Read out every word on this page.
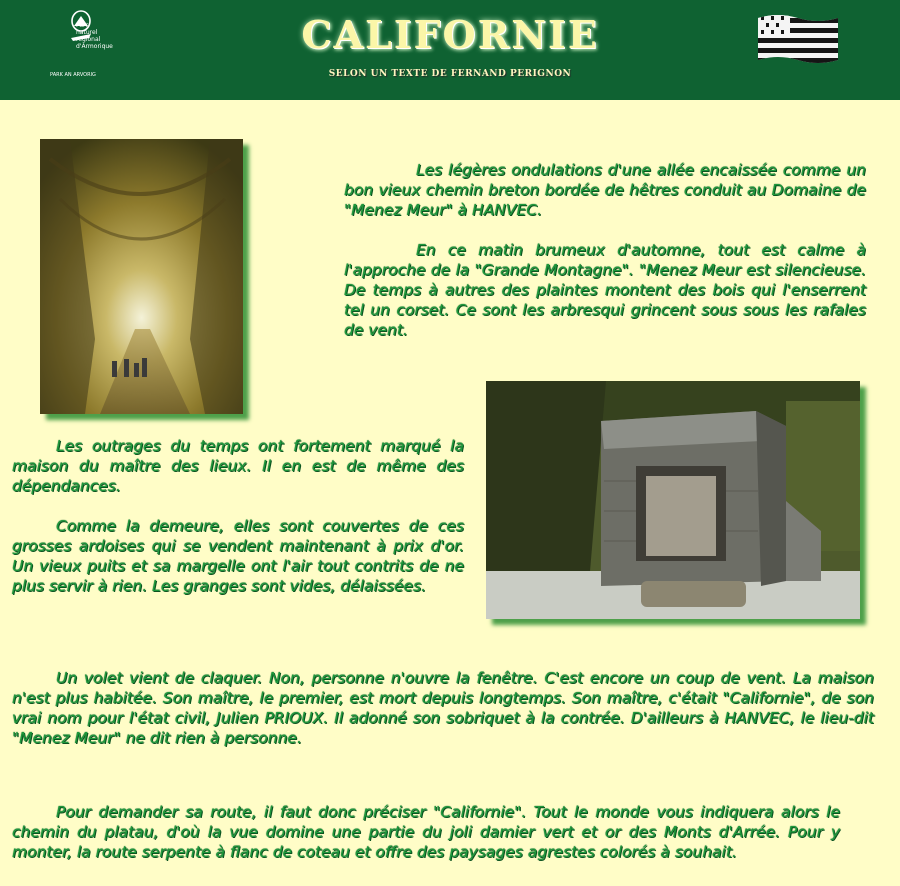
Parc
naturel
régional
d'Armorique
PARK AN ARVORIG
CALIFORNIE
SELON UN TEXTE DE FERNAND PERIGNON

Les légères ondulations d'une allée encaissée comme un bon vieux chemin breton bordée de hêtres conduit au Domaine de "Menez Meur" à HANVEC.

En ce matin brumeux d'automne, tout est calme à l'approche de la "Grande Montagne". "Menez Meur est silencieuse. De temps à autres des plaintes montent des bois qui l'enserrent tel un corset. Ce sont les arbresqui grincent sous sous les rafales de vent.

Les outrages du temps ont fortement marqué la maison du maître des lieux. Il en est de même des dépendances.

Comme la demeure, elles sont couvertes de ces grosses ardoises qui se vendent maintenant à prix d'or. Un vieux puits et sa margelle ont l'air tout contrits de ne plus servir à rien. Les granges sont vides, délaissées.

Un volet vient de claquer. Non, personne n'ouvre la fenêtre. C'est encore un coup de vent. La maison n'est plus habitée. Son maître, le premier, est mort depuis longtemps. Son maître, c'était "Californie", de son vrai nom pour l'état civil, Julien PRIOUX. Il adonné son sobriquet à la contrée. D'ailleurs à HANVEC, le lieu-dit "Menez Meur" ne dit rien à personne.

Pour demander sa route, il faut donc préciser "Californie". Tout le monde vous indiquera alors le chemin du platau, d'où la vue domine une partie du joli damier vert et or des Monts d'Arrée. Pour y monter, la route serpente à flanc de coteau et offre des paysages agrestes colorés à souhait.
